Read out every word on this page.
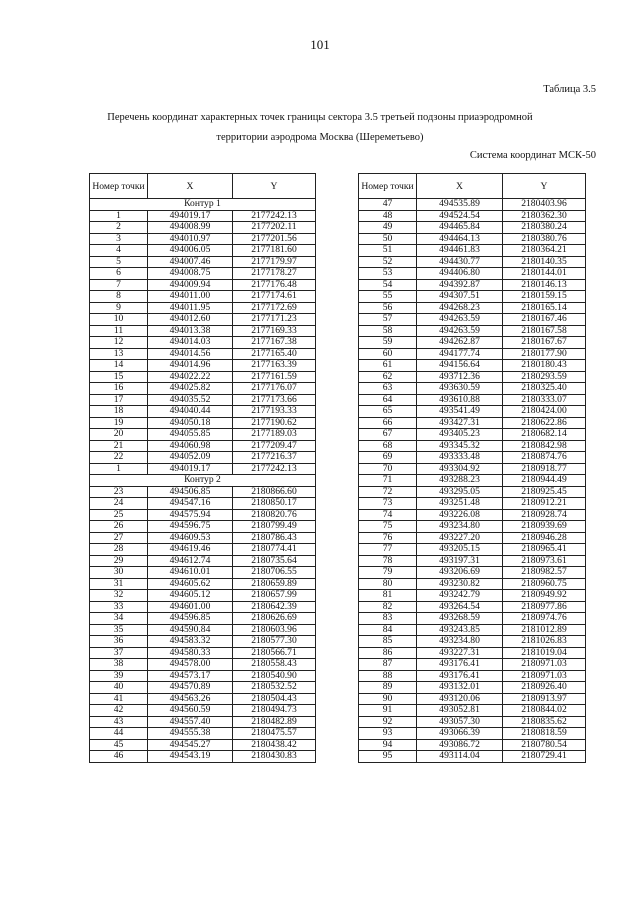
101
Таблица 3.5
Перечень координат характерных точек границы сектора 3.5 третьей подзоны приаэродромной
территории аэродрома Москва (Шереметьево)
Система координат МСК-50
Номер точки	X	Y
Контур 1		
1	494019.17	2177242.13
2	494008.99	2177202.11
3	494010.97	2177201.56
4	494006.05	2177181.60
5	494007.46	2177179.97
6	494008.75	2177178.27
7	494009.94	2177176.48
8	494011.00	2177174.61
9	494011.95	2177172.69
10	494012.60	2177171.23
11	494013.38	2177169.33
12	494014.03	2177167.38
13	494014.56	2177165.40
14	494014.96	2177163.39
15	494022.22	2177161.59
16	494025.82	2177176.07
17	494035.52	2177173.66
18	494040.44	2177193.33
19	494050.18	2177190.62
20	494055.85	2177189.03
21	494060.98	2177209.47
22	494052.09	2177216.37
1	494019.17	2177242.13
Контур 2		
23	494506.85	2180866.60
24	494547.16	2180850.17
25	494575.94	2180820.76
26	494596.75	2180799.49
27	494609.53	2180786.43
28	494619.46	2180774.41
29	494612.74	2180735.64
30	494610.01	2180706.55
31	494605.62	2180659.89
32	494605.12	2180657.99
33	494601.00	2180642.39
34	494596.85	2180626.69
35	494590.84	2180603.96
36	494583.32	2180577.30
37	494580.33	2180566.71
38	494578.00	2180558.43
39	494573.17	2180540.90
40	494570.89	2180532.52
41	494563.26	2180504.43
42	494560.59	2180494.73
43	494557.40	2180482.89
44	494555.38	2180475.57
45	494545.27	2180438.42
46	494543.19	2180430.83
Номер точки	X	Y
47	494535.89	2180403.96
48	494524.54	2180362.30
49	494465.84	2180380.24
50	494464.13	2180380.76
51	494461.83	2180364.21
52	494430.77	2180140.35
53	494406.80	2180144.01
54	494392.87	2180146.13
55	494307.51	2180159.15
56	494268.23	2180165.14
57	494263.59	2180167.46
58	494263.59	2180167.58
59	494262.87	2180167.67
60	494177.74	2180177.90
61	494156.64	2180180.43
62	493712.36	2180293.59
63	493630.59	2180325.40
64	493610.88	2180333.07
65	493541.49	2180424.00
66	493427.31	2180622.86
67	493405.23	2180682.14
68	493345.32	2180842.98
69	493333.48	2180874.76
70	493304.92	2180918.77
71	493288.23	2180944.49
72	493295.05	2180925.45
73	493251.48	2180912.21
74	493226.08	2180928.74
75	493234.80	2180939.69
76	493227.20	2180946.28
77	493205.15	2180965.41
78	493197.31	2180973.61
79	493206.69	2180982.57
80	493230.82	2180960.75
81	493242.79	2180949.92
82	493264.54	2180977.86
83	493268.59	2180974.76
84	493243.85	2181012.89
85	493234.80	2181026.83
86	493227.31	2181019.04
87	493176.41	2180971.03
88	493176.41	2180971.03
89	493132.01	2180926.40
90	493120.06	2180913.97
91	493052.81	2180844.02
92	493057.30	2180835.62
93	493066.39	2180818.59
94	493086.72	2180780.54
95	493114.04	2180729.41
